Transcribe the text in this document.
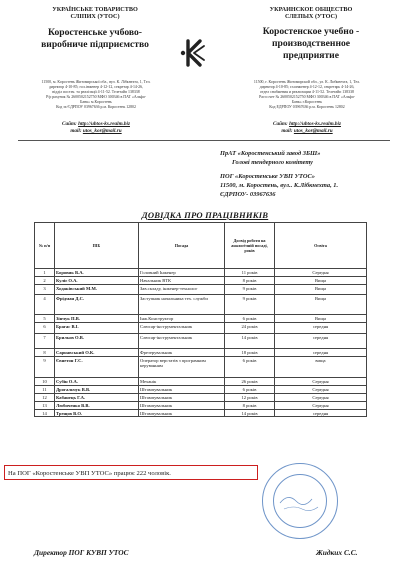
УКРАЇНСЬКЕ ТОВАРИСТВО
СЛІПИХ (УТОС)
Коростенське учбово-
виробниче підприємство
УКРАИНСКОЕ ОБЩЕСТВО
СЛЕПЫХ (УТОС)
Коростенское учебно -
производственное
предприятие
11500, м. Коростень Житомирської обл., вул. К. Лібкнехта, 1, Тел.
директор 4-10-85; гол.інженер 4-12-12, секретар 4-14-26,
відділ постач. та реалізації 4-11-52. Телетайп 138338
Р/р рахунок № 2600502152750 МФО 300346 в ПАТ «Альфа-
Банк» м.Коростень
Код за ЄДРПОУ 03967636 р.м. Коростень 12802
Сайт: http://ubtos-ks.realm.biz
mail: utos_kor@mail.ru
11500, г. Коростень Житомирской обл., ул. К. Либкнехта, 1, Тел.
директор 4-10-85; гл.инженер 4-12-12, секретарь 4-14-26,
отдел снабжения и реализации 4-11-52. Телетайп 138338
Расч счет № 2600502152750 МФО 300346 в ПАТ «Альфа-
Банк» г.Коростень
Код ЕДРПОУ 03967636 р.м. Коростень 12802
Сайт: http://ubtos-ks.realm.biz
mail: utos_kor@mail.ru
ПрАТ «Коростенський завод ЗБШ»
Голові тендерного комітету
ПОГ «Коростенське УВП УТОС»
11500, м. Коростень, вул.. К.Лібкнехта, 1.
ЄДРПОУ- 03967636
ДОВІДКА ПРО ПРАЦІВНИКІВ
№ п/п	ПІБ	Посада	Досвід роботи на аналогічній посаді, років	Освіта
1	Боровик В.А.	Головний Інженер	11 років	Середня
2	Куліє О.А.	Начальник ВТК	8 років	Вища
3	Ходаківський М.М.	Зав.складу, інженер-технолог	9 років	Вища
4	Фрідман Д.С.	Заступник начальника тех. служби	9 років	Вища
5	Зінчук П.В.	Інж.Конструктор	6 років	Вища
6	Брагас В.І.	Слюсар-інструментальник	24 років	середня
7	Брильов О.В.	Слюсар-інструментальник	14 років	середня
8	Сарнавський О.К.	Фрезерувальник	18 років	середня
9	Євнетон Г.С.	Оператор верстатів з програмним керуванням	6 років	вища
10	Субін О.А.	Механік	26 років	Середня
11	Дрогальчук В.В.	Штампувальник	6 років	Середня
12	Кабанець Г.А.	Штампувальник	12 років	Середня
13	Любиченко В.В.	Штампувальник	8 років	Середня
14	Трещов В.О.	Штампувальник	14 років	середня
На ПОГ «Коростенське УВП УТОС» працює 222 чоловік.
Директор ПОГ КУВП УТОС	Жидких С.С.
